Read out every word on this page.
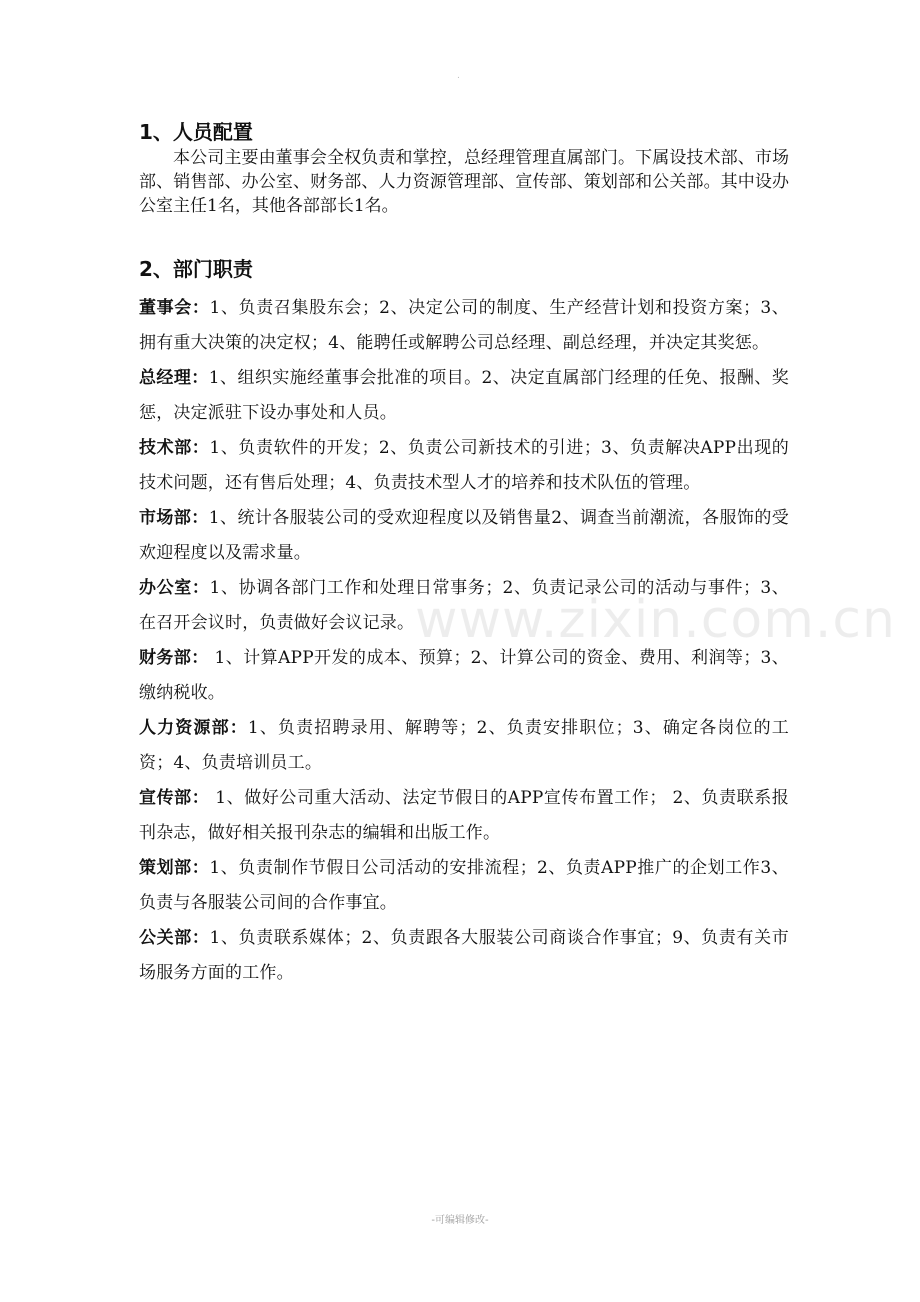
.
1、人员配置

本公司主要由董事会全权负责和掌控，总经理管理直属部门。下属设技术部、市场部、销售部、办公室、财务部、人力资源管理部、宣传部、策划部和公关部。其中设办公室主任1名，其他各部部长1名。

2、部门职责

董事会：1、负责召集股东会；2、决定公司的制度、生产经营计划和投资方案；3、拥有重大决策的决定权；4、能聘任或解聘公司总经理、副总经理，并决定其奖惩。

总经理：1、组织实施经董事会批准的项目。2、决定直属部门经理的任免、报酬、奖惩，决定派驻下设办事处和人员。

技术部：1、负责软件的开发；2、负责公司新技术的引进；3、负责解决APP出现的技术问题，还有售后处理；4、负责技术型人才的培养和技术队伍的管理。

市场部：1、统计各服装公司的受欢迎程度以及销售量2、调查当前潮流，各服饰的受欢迎程度以及需求量。

办公室：1、协调各部门工作和处理日常事务；2、负责记录公司的活动与事件；3、在召开会议时，负责做好会议记录。

财务部： 1、计算APP开发的成本、预算；2、计算公司的资金、费用、利润等；3、缴纳税收。

人力资源部：1、负责招聘录用、解聘等；2、负责安排职位；3、确定各岗位的工资；4、负责培训员工。

宣传部： 1、做好公司重大活动、法定节假日的APP宣传布置工作； 2、负责联系报刊杂志，做好相关报刊杂志的编辑和出版工作。

策划部：1、负责制作节假日公司活动的安排流程；2、负责APP推广的企划工作3、负责与各服装公司间的合作事宜。

公关部：1、负责联系媒体；2、负责跟各大服装公司商谈合作事宜；9、负责有关市场服务方面的工作。

www.zixin.com.cn
-可编辑修改-
